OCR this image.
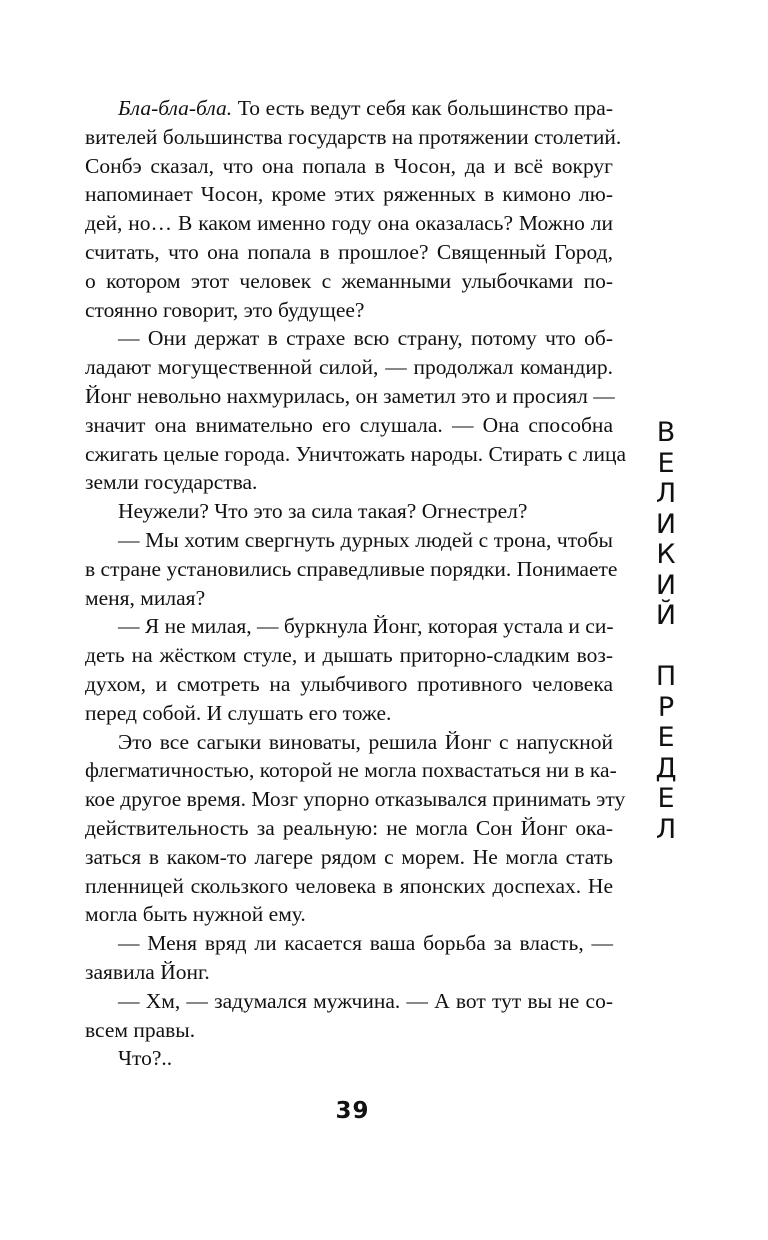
Бла-бла-бла. То есть ведут себя как большинство пра-
вителей большинства государств на протяжении столетий.
Сонбэ сказал, что она попала в Чосон, да и всё вокруг
напоминает Чосон, кроме этих ряженных в кимоно лю-
дей, но… В каком именно году она оказалась? Можно ли
считать, что она попала в прошлое? Священный Город,
о котором этот человек с жеманными улыбочками по-
стоянно говорит, это будущее?
— Они держат в страхе всю страну, потому что об-
ладают могущественной силой, — продолжал командир.
Йонг невольно нахмурилась, он заметил это и просиял —
значит она внимательно его слушала. — Она способна
сжигать целые города. Уничтожать народы. Стирать с лица
земли государства.
Неужели? Что это за сила такая? Огнестрел?
— Мы хотим свергнуть дурных людей с трона, чтобы
в стране установились справедливые порядки. Понимаете
меня, милая?
— Я не милая, — буркнула Йонг, которая устала и си-
деть на жёстком стуле, и дышать приторно-сладким воз-
духом, и смотреть на улыбчивого противного человека
перед собой. И слушать его тоже.
Это все сагыки виноваты, решила Йонг с напускной
флегматичностью, которой не могла похвастаться ни в ка-
кое другое время. Мозг упорно отказывался принимать эту
действительность за реальную: не могла Сон Йонг ока-
заться в каком-то лагере рядом с морем. Не могла стать
пленницей скользкого человека в японских доспехах. Не
могла быть нужной ему.
— Меня вряд ли касается ваша борьба за власть, —
заявила Йонг.
— Хм, — задумался мужчина. — А вот тут вы не со-
всем правы.
Что?..
39
В
Е
Л
И
К
И
Й
П
Р
Е
Д
Е
Л
